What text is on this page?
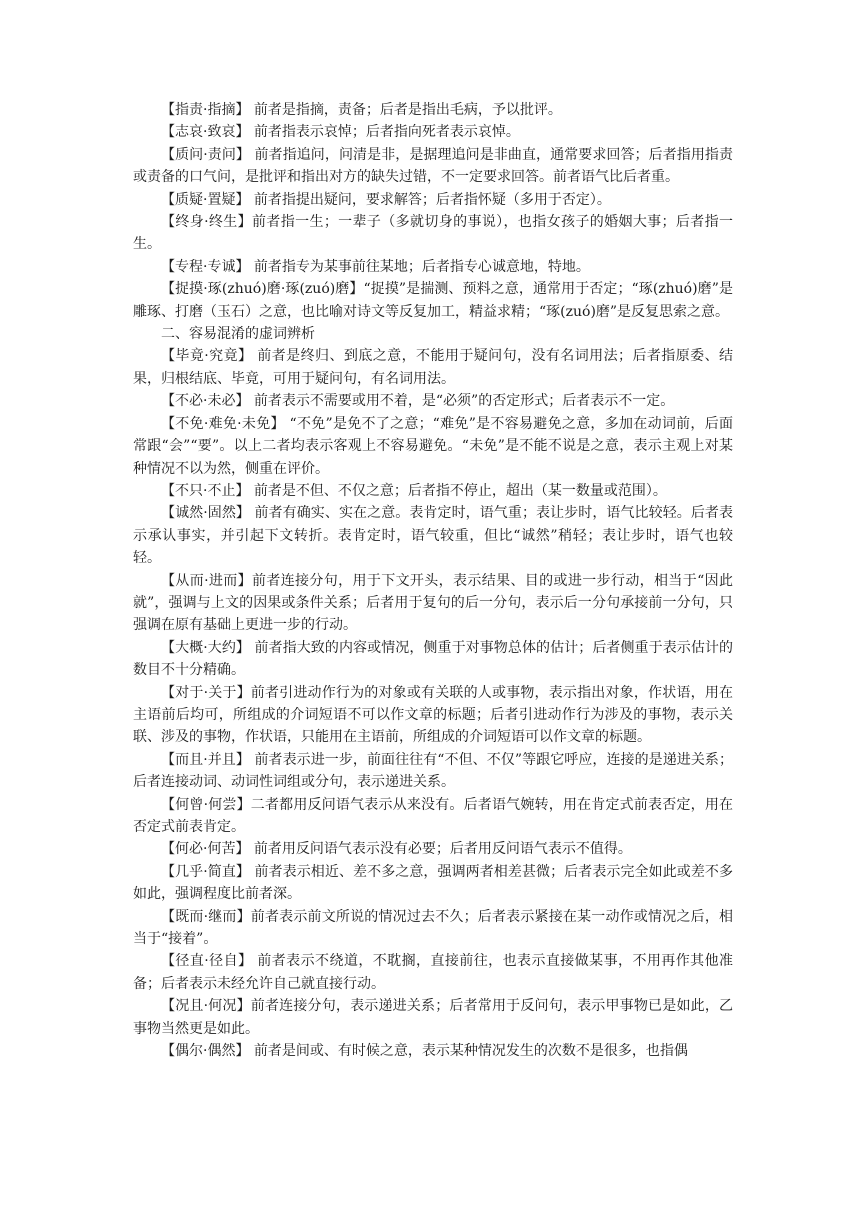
【指责·指摘】 前者是指摘，责备；后者是指出毛病，予以批评。

【志哀·致哀】 前者指表示哀悼；后者指向死者表示哀悼。

【质问·责问】 前者指追问，问清是非，是据理追问是非曲直，通常要求回答；后者指用指责或责备的口气问，是批评和指出对方的缺失过错，不一定要求回答。前者语气比后者重。

【质疑·置疑】 前者指提出疑问，要求解答；后者指怀疑（多用于否定）。

【终身·终生】前者指一生；一辈子（多就切身的事说），也指女孩子的婚姻大事；后者指一生。

【专程·专诚】 前者指专为某事前往某地；后者指专心诚意地，特地。

【捉摸·琢(zhuó)磨·琢(zuó)磨】“捉摸”是揣测、预料之意，通常用于否定；“琢(zhuó)磨”是雕琢、打磨（玉石）之意，也比喻对诗文等反复加工，精益求精；“琢(zuó)磨”是反复思索之意。

二、容易混淆的虚词辨析

【毕竟·究竟】 前者是终归、到底之意，不能用于疑问句，没有名词用法；后者指原委、结果，归根结底、毕竟，可用于疑问句，有名词用法。

【不必·未必】 前者表示不需要或用不着，是“必须”的否定形式；后者表示不一定。

【不免·难免·未免】 “不免”是免不了之意；“难免”是不容易避免之意，多加在动词前，后面常跟“会”“要”。以上二者均表示客观上不容易避免。“未免”是不能不说是之意，表示主观上对某种情况不以为然，侧重在评价。

【不只·不止】 前者是不但、不仅之意；后者指不停止，超出（某一数量或范围）。

【诚然·固然】 前者有确实、实在之意。表肯定时，语气重；表让步时，语气比较轻。后者表示承认事实，并引起下文转折。表肯定时，语气较重，但比“诚然”稍轻；表让步时，语气也较轻。

【从而·进而】前者连接分句，用于下文开头，表示结果、目的或进一步行动，相当于“因此就”，强调与上文的因果或条件关系；后者用于复句的后一分句，表示后一分句承接前一分句，只强调在原有基础上更进一步的行动。

【大概·大约】 前者指大致的内容或情况，侧重于对事物总体的估计；后者侧重于表示估计的数目不十分精确。

【对于·关于】前者引进动作行为的对象或有关联的人或事物，表示指出对象，作状语，用在主语前后均可，所组成的介词短语不可以作文章的标题；后者引进动作行为涉及的事物，表示关联、涉及的事物，作状语，只能用在主语前，所组成的介词短语可以作文章的标题。

【而且·并且】 前者表示进一步，前面往往有“不但、不仅”等跟它呼应，连接的是递进关系；后者连接动词、动词性词组或分句，表示递进关系。

【何曾·何尝】二者都用反问语气表示从来没有。后者语气婉转，用在肯定式前表否定，用在否定式前表肯定。

【何必·何苦】 前者用反问语气表示没有必要；后者用反问语气表示不值得。

【几乎·简直】 前者表示相近、差不多之意，强调两者相差甚微；后者表示完全如此或差不多如此，强调程度比前者深。

【既而·继而】前者表示前文所说的情况过去不久；后者表示紧接在某一动作或情况之后，相当于“接着”。

【径直·径自】 前者表示不绕道，不耽搁，直接前往，也表示直接做某事，不用再作其他准备；后者表示未经允许自己就直接行动。

【况且·何况】前者连接分句，表示递进关系；后者常用于反问句，表示甲事物已是如此，乙事物当然更是如此。

【偶尔·偶然】 前者是间或、有时候之意，表示某种情况发生的次数不是很多，也指偶
